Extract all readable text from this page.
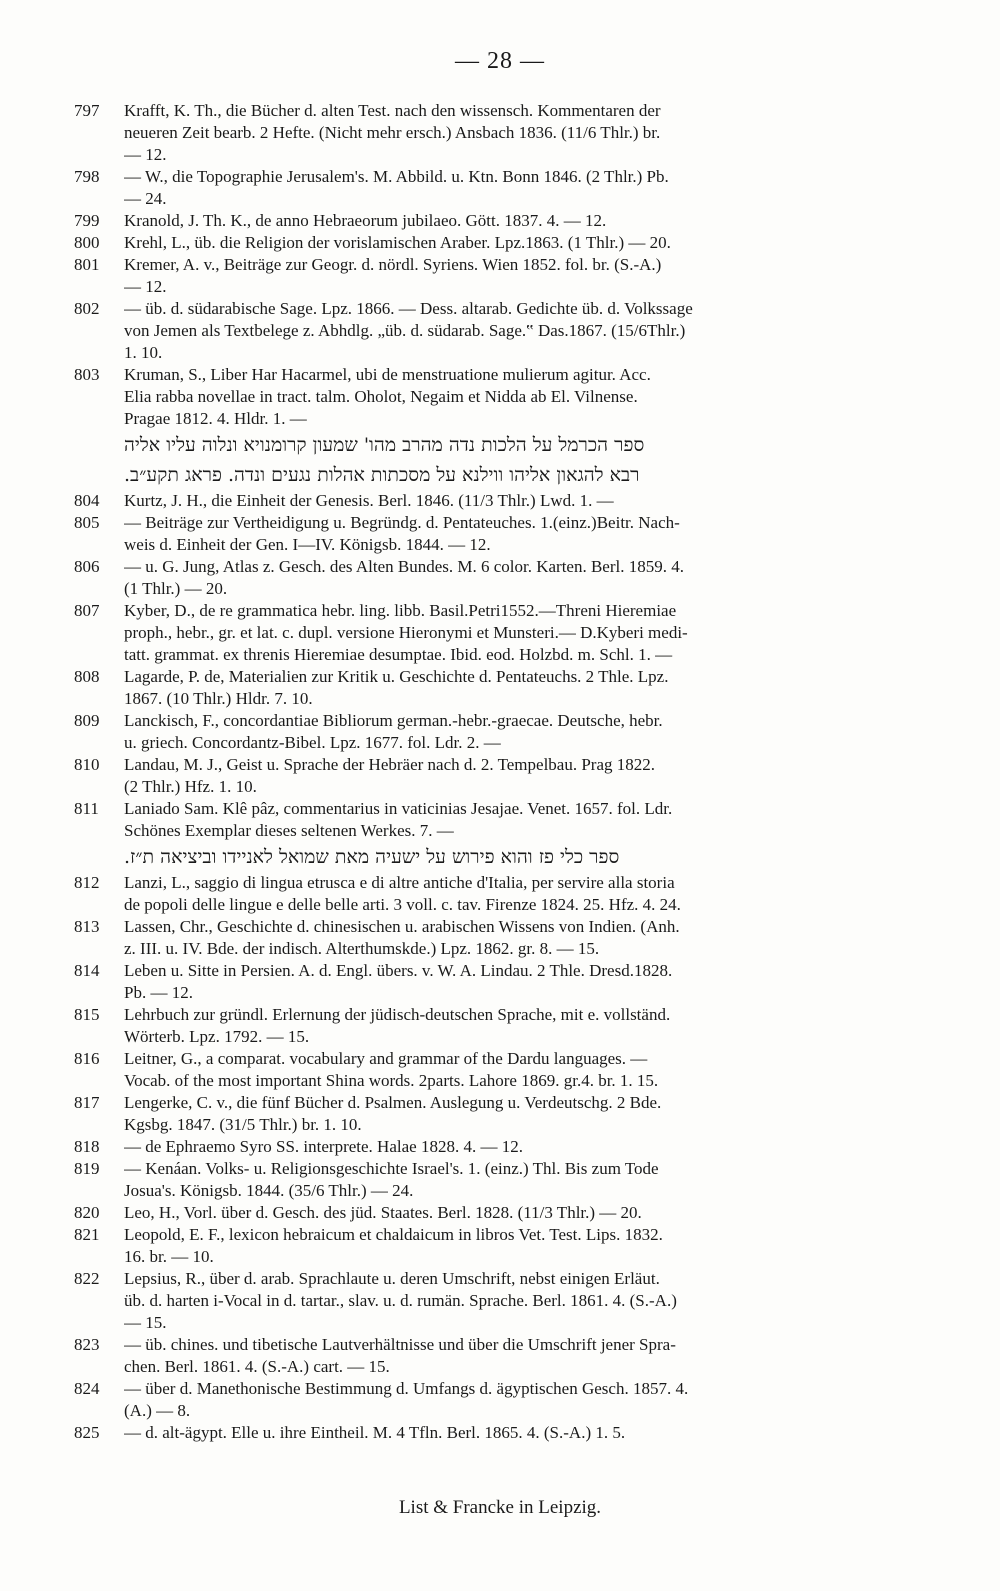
— 28 —
797	Krafft, K. Th., die Bücher d. alten Test. nach den wissensch. Kommentaren der
neueren Zeit bearb. 2 Hefte. (Nicht mehr ersch.) Ansbach 1836. (11/6 Thlr.) br.
— 12.
798	— W., die Topographie Jerusalem's. M. Abbild. u. Ktn. Bonn 1846. (2 Thlr.) Pb.
— 24.
799	Kranold, J. Th. K., de anno Hebraeorum jubilaeo. Gött. 1837. 4. — 12.
800	Krehl, L., üb. die Religion der vorislamischen Araber. Lpz.1863. (1 Thlr.) — 20.
801	Kremer, A. v., Beiträge zur Geogr. d. nördl. Syriens. Wien 1852. fol. br. (S.-A.)
— 12.
802	— üb. d. südarabische Sage. Lpz. 1866. — Dess. altarab. Gedichte üb. d. Volkssage
von Jemen als Textbelege z. Abhdlg. „üb. d. südarab. Sage.‟ Das.1867. (15/6Thlr.)
1. 10.
803	Kruman, S., Liber Har Hacarmel, ubi de menstruatione mulierum agitur. Acc.
Elia rabba novellae in tract. talm. Oholot, Negaim et Nidda ab El. Vilnense.
Pragae 1812. 4. Hldr. 1. —
ספר הכרמל על הלכות נדה מהרב מהו' שמעון קרומנויא ונלוה עליו אליה
רבא להגאון אליהו ווילנא על מסכתות אהלות נגעים ונדה. פראג תקע״ב.
804	Kurtz, J. H., die Einheit der Genesis. Berl. 1846. (11/3 Thlr.) Lwd. 1. —
805	— Beiträge zur Vertheidigung u. Begründg. d. Pentateuches. 1.(einz.)Beitr. Nach-
weis d. Einheit der Gen. I—IV. Königsb. 1844. — 12.
806	— u. G. Jung, Atlas z. Gesch. des Alten Bundes. M. 6 color. Karten. Berl. 1859. 4.
(1 Thlr.) — 20.
807	Kyber, D., de re grammatica hebr. ling. libb. Basil.Petri1552.—Threni Hieremiae
proph., hebr., gr. et lat. c. dupl. versione Hieronymi et Munsteri.— D.Kyberi medi-
tatt. grammat. ex threnis Hieremiae desumptae. Ibid. eod. Holzbd. m. Schl. 1. —
808	Lagarde, P. de, Materialien zur Kritik u. Geschichte d. Pentateuchs. 2 Thle. Lpz.
1867. (10 Thlr.) Hldr. 7. 10.
809	Lanckisch, F., concordantiae Bibliorum german.-hebr.-graecae. Deutsche, hebr.
u. griech. Concordantz-Bibel. Lpz. 1677. fol. Ldr. 2. —
810	Landau, M. J., Geist u. Sprache der Hebräer nach d. 2. Tempelbau. Prag 1822.
(2 Thlr.) Hfz. 1. 10.
811	Laniado Sam. Klê pâz, commentarius in vaticinias Jesajae. Venet. 1657. fol. Ldr.
Schönes Exemplar dieses seltenen Werkes. 7. —
ספר כלי פז והוא פירוש על ישעיה מאת שמואל לאניידו וביציאה ת״ז.
812	Lanzi, L., saggio di lingua etrusca e di altre antiche d'Italia, per servire alla storia
de popoli delle lingue e delle belle arti. 3 voll. c. tav. Firenze 1824. 25. Hfz. 4. 24.
813	Lassen, Chr., Geschichte d. chinesischen u. arabischen Wissens von Indien. (Anh.
z. III. u. IV. Bde. der indisch. Alterthumskde.) Lpz. 1862. gr. 8. — 15.
814	Leben u. Sitte in Persien. A. d. Engl. übers. v. W. A. Lindau. 2 Thle. Dresd.1828.
Pb. — 12.
815	Lehrbuch zur gründl. Erlernung der jüdisch-deutschen Sprache, mit e. vollständ.
Wörterb. Lpz. 1792. — 15.
816	Leitner, G., a comparat. vocabulary and grammar of the Dardu languages. —
Vocab. of the most important Shina words. 2parts. Lahore 1869. gr.4. br. 1. 15.
817	Lengerke, C. v., die fünf Bücher d. Psalmen. Auslegung u. Verdeutschg. 2 Bde.
Kgsbg. 1847. (31/5 Thlr.) br. 1. 10.
818	— de Ephraemo Syro SS. interprete. Halae 1828. 4. — 12.
819	— Kenáan. Volks- u. Religionsgeschichte Israel's. 1. (einz.) Thl. Bis zum Tode
Josua's. Königsb. 1844. (35/6 Thlr.) — 24.
820	Leo, H., Vorl. über d. Gesch. des jüd. Staates. Berl. 1828. (11/3 Thlr.) — 20.
821	Leopold, E. F., lexicon hebraicum et chaldaicum in libros Vet. Test. Lips. 1832.
16. br. — 10.
822	Lepsius, R., über d. arab. Sprachlaute u. deren Umschrift, nebst einigen Erläut.
üb. d. harten i-Vocal in d. tartar., slav. u. d. rumän. Sprache. Berl. 1861. 4. (S.-A.)
— 15.
823	— üb. chines. und tibetische Lautverhältnisse und über die Umschrift jener Spra-
chen. Berl. 1861. 4. (S.-A.) cart. — 15.
824	— über d. Manethonische Bestimmung d. Umfangs d. ägyptischen Gesch. 1857. 4.
(A.) — 8.
825	— d. alt-ägypt. Elle u. ihre Eintheil. M. 4 Tfln. Berl. 1865. 4. (S.-A.) 1. 5.
List & Francke in Leipzig.
